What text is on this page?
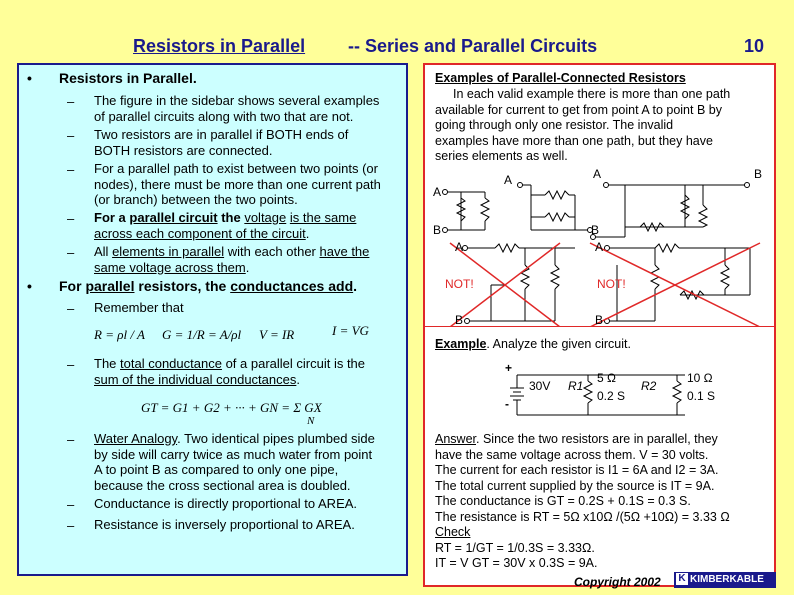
Resistors in Parallel -- Series and Parallel Circuits	10
• Resistors in Parallel.
– The figure in the sidebar shows several examples
of parallel circuits along with two that are not.
– Two resistors are in parallel if BOTH ends of
BOTH resistors are connected.
– For a parallel path to exist between two points (or
nodes), there must be more than one current path
(or branch) between the two points.
– For a parallel circuit the voltage is the same
across each component of the circuit.
– All elements in parallel with each other have the
same voltage across them.
• For parallel resistors, the conductances add.
– Remember that
R = ρl / A G = 1/R = A/ρl V = IR	I = VG
– The total conductance of a parallel circuit is the
sum of the individual conductances.
GT = G1 + G2 + ··· + GN = Σ GX
N
– Water Analogy. Two identical pipes plumbed side
by side will carry twice as much water from point
A to point B as compared to only one pipe,
because the cross sectional area is doubled.
– Conductance is directly proportional to AREA.
– Resistance is inversely proportional to AREA.
Examples of Parallel-Connected Resistors
In each valid example there is more than one path
available for current to get from point A to point B by
going through only one resistor. The invalid
examples have more than one path, but they have
series elements as well.
A
B
A
B
A	B
A	A
B	B
NOT!	NOT!
Example. Analyze the given circuit.
+
-
30V R1
5 Ω
0.2 S
R2
10 Ω
0.1 S
Answer. Since the two resistors are in parallel, they
have the same voltage across them. V = 30 volts.
The current for each resistor is I1 = 6A and I2 = 3A.
The total current supplied by the source is IT = 9A.
The conductance is GT = 0.2S + 0.1S = 0.3 S.
The resistance is RT = 5Ω x10Ω /(5Ω +10Ω) = 3.33 Ω
Check
RT = 1/GT = 1/0.3S = 3.33Ω.
IT = V GT = 30V x 0.3S = 9A.
Copyright 2002	K KIMBERKABLE
